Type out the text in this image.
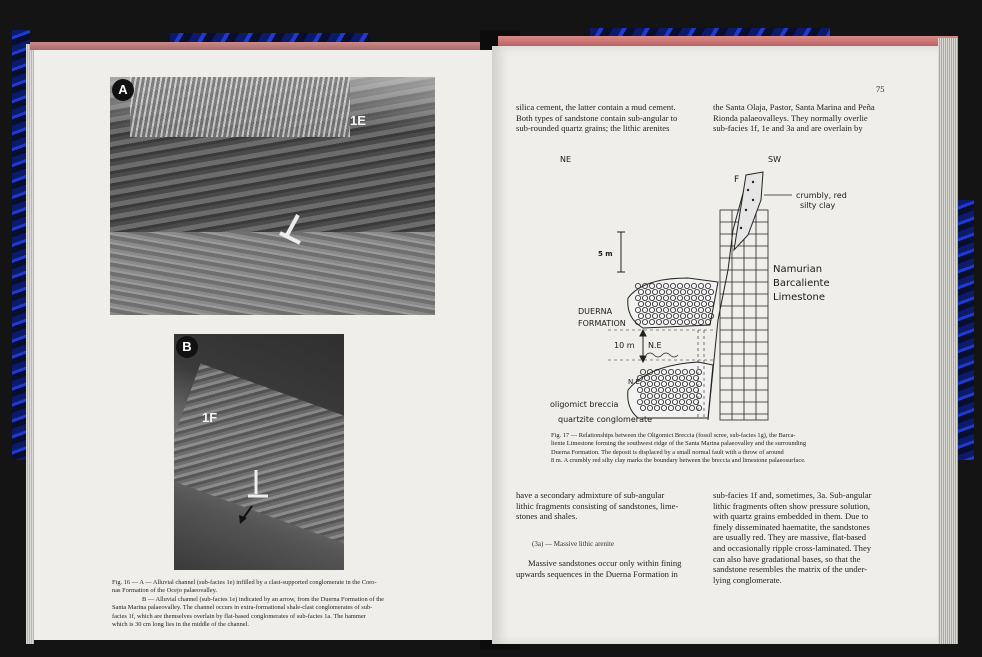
A
1E
B
1F
Fig. 16 — A — Alluvial channel (sub-facies 1e) infilled by a clast-supported conglomerate in the Coro-
nas Formation of the Ocejo palaeovalley.
B — Alluvial channel (sub-facies 1e) indicated by an arrow, from the Duerna Formation of the
Santa Marina palaeovalley. The channel occurs in extra-formational shale-clast conglomerates of sub-
facies 1f, which are themselves overlain by flat-based conglomerates of sub-facies 1a. The hammer
which is 30 cm long lies in the middle of the channel.
75
silica cement, the latter contain a mud cement.
Both types of sandstone contain sub-angular to
sub-rounded quartz grains; the lithic arenites
the Santa Olaja, Pastor, Santa Marina and Peña
Rionda palaeovalleys. They normally overlie
sub-facies 1f, 1e and 3a and are overlain by
NE	SW
F
crumbly, red
silty clay
5 m
Namurian
Barcaliente
Limestone
DUERNA
FORMATION
10 m N.E
N.E
oligomict breccia
quartzite conglomerate
Fig. 17 — Relationships between the Oligomict Breccia (fossil scree, sub-facies 1g), the Barca-
liente Limestone forming the southwest ridge of the Santa Marina palaeovalley and the surrounding
Duerna Formation. The deposit is displaced by a small normal fault with a throw of around
8 m. A crumbly red silty clay marks the boundary between the breccia and limestone palaeosurface.
have a secondary admixture of sub-angular
lithic fragments consisting of sandstones, lime-
stones and shales.
(3a) — Massive lithic arenite
Massive sandstones occur only within fining
upwards sequences in the Duerna Formation in
sub-facies 1f and, sometimes, 3a. Sub-angular
lithic fragments often show pressure solution,
with quartz grains embedded in them. Due to
finely disseminated haematite, the sandstones
are usually red. They are massive, flat-based
and occasionally ripple cross-laminated. They
can also have gradational bases, so that the
sandstone resembles the matrix of the under-
lying conglomerate.
